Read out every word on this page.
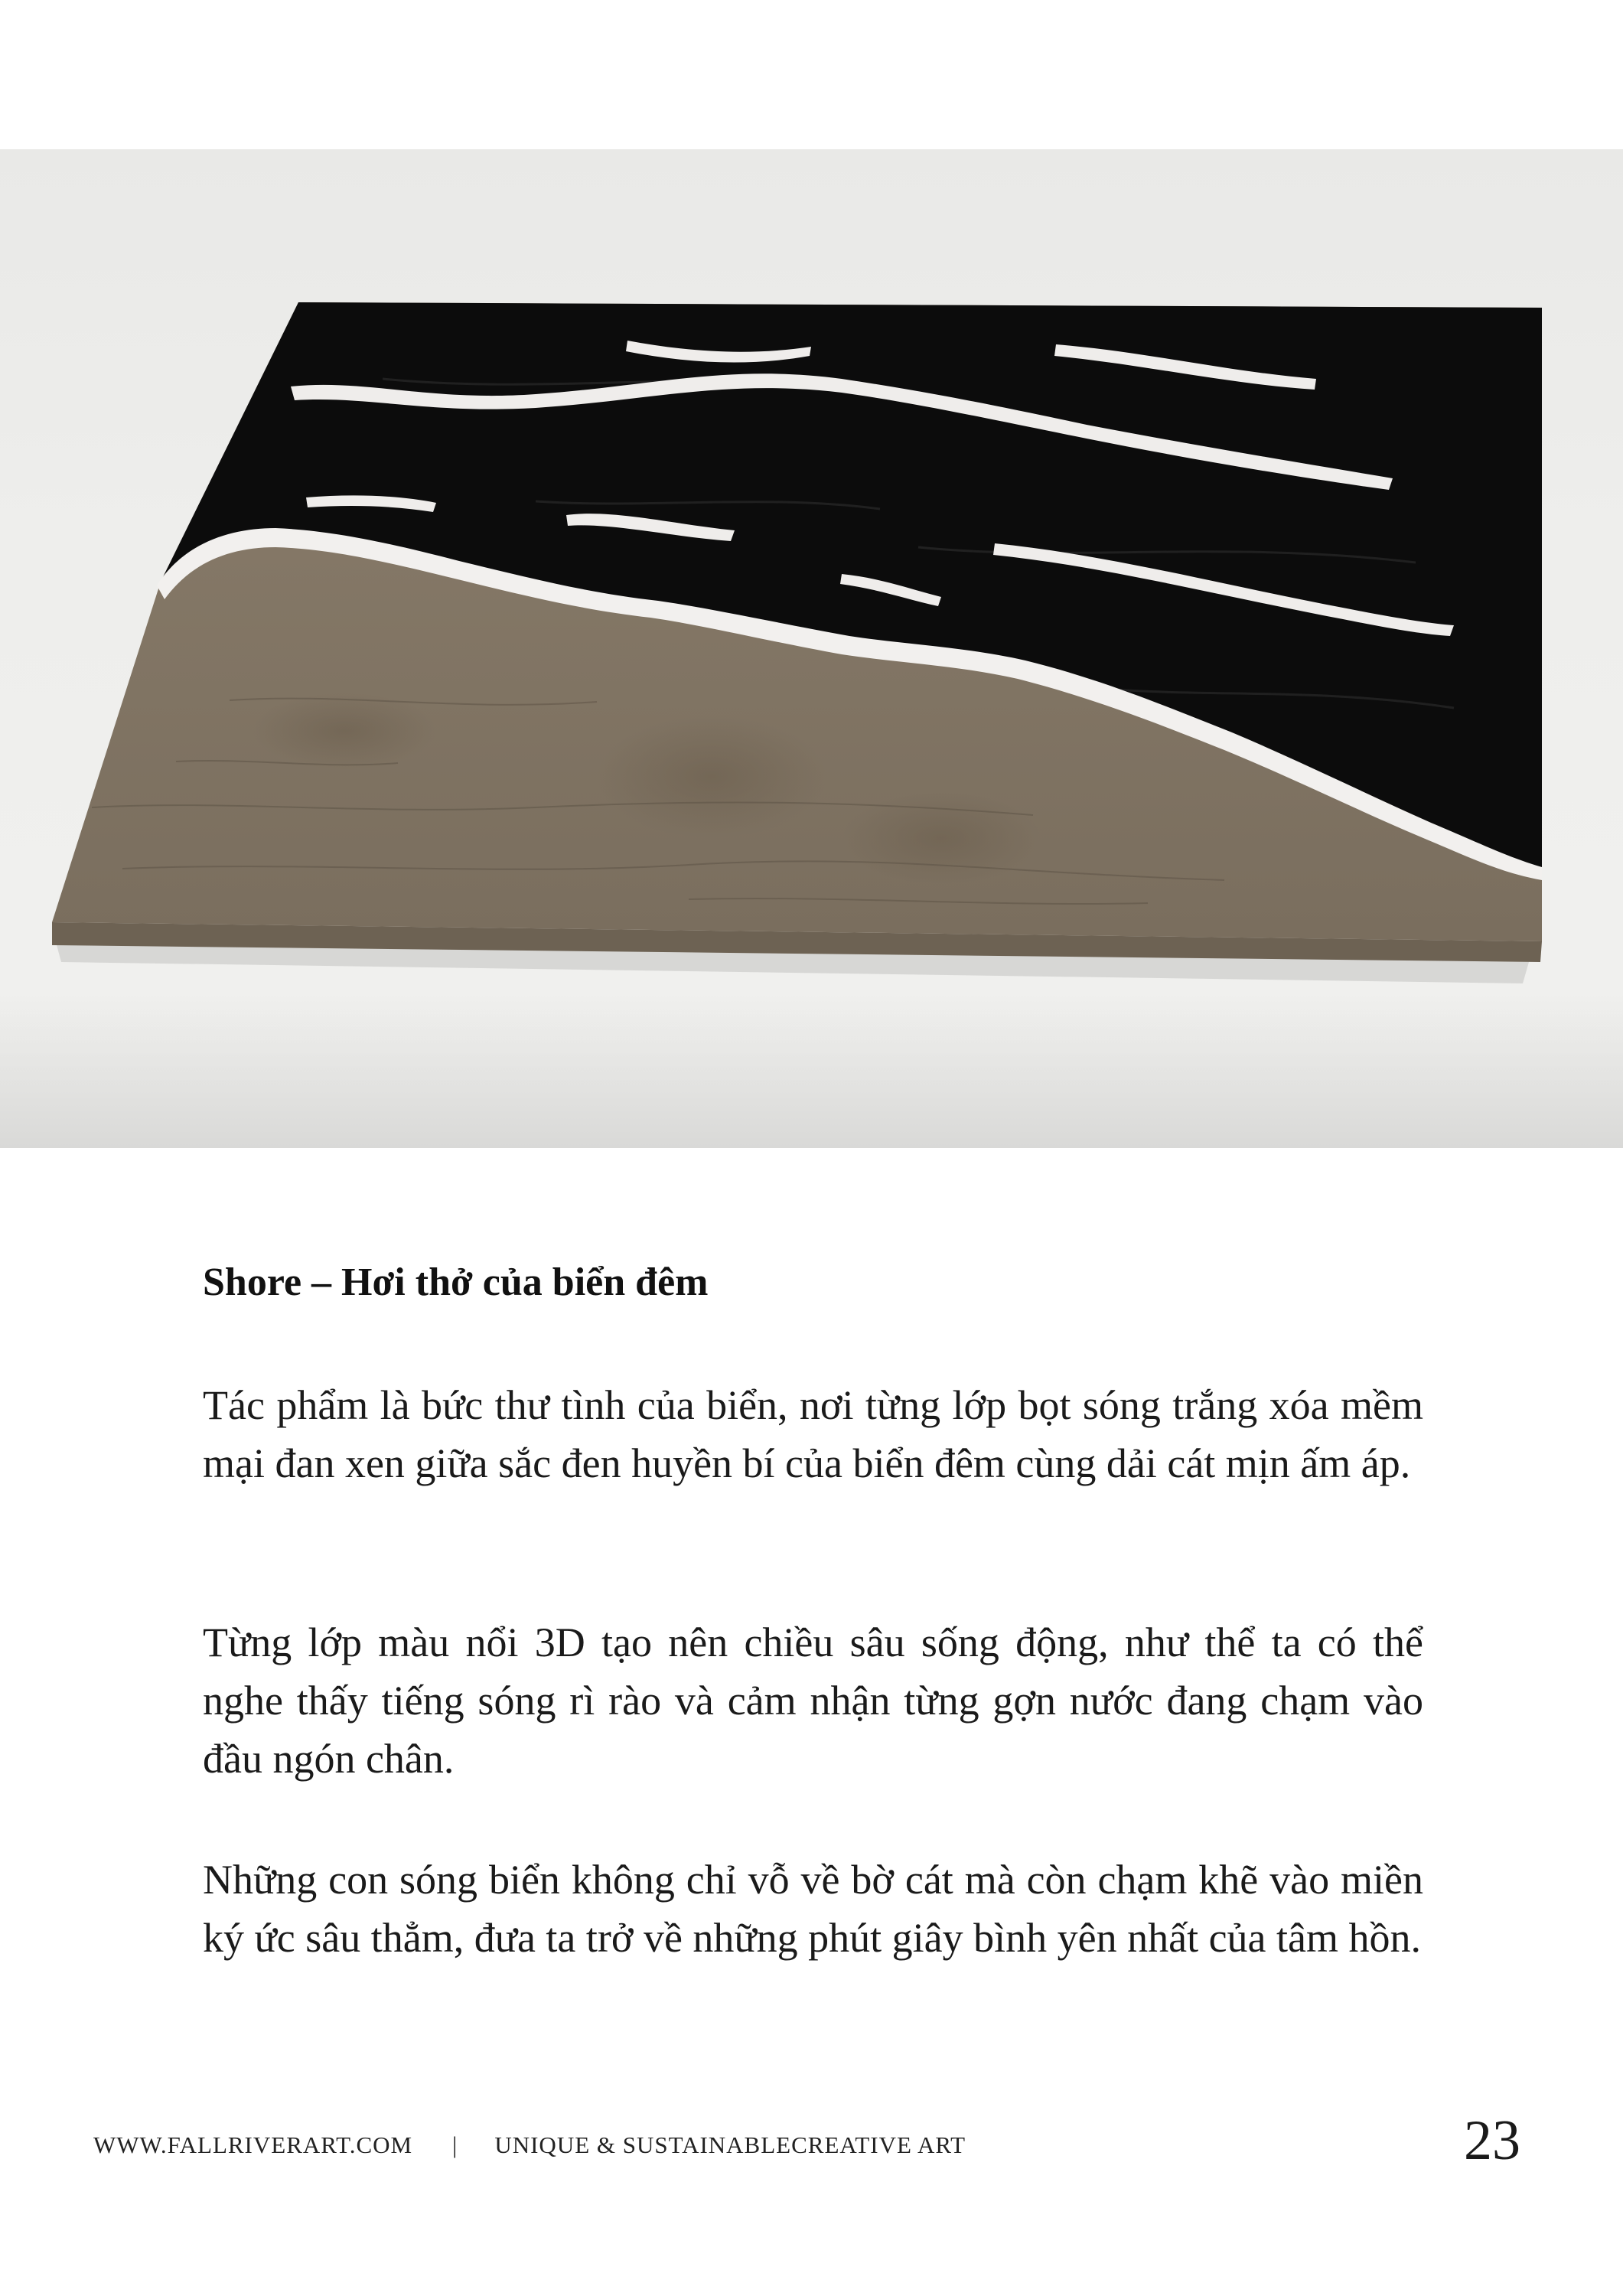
Shore – Hơi thở của biển đêm

Tác phẩm là bức thư tình của biển, nơi từng lớp bọt sóng trắng xóa mềm mại đan xen giữa sắc đen huyền bí của biển đêm cùng dải cát mịn ấm áp.

Từng lớp màu nổi 3D tạo nên chiều sâu sống động, như thể ta có thể nghe thấy tiếng sóng rì rào và cảm nhận từng gợn nước đang chạm vào đầu ngón chân.

Những con sóng biển không chỉ vỗ về bờ cát mà còn chạm khẽ vào miền ký ức sâu thẳm, đưa ta trở về những phút giây bình yên nhất của tâm hồn.

WWW.FALLRIVERART.COM | UNIQUE & SUSTAINABLECREATIVE ART	23
